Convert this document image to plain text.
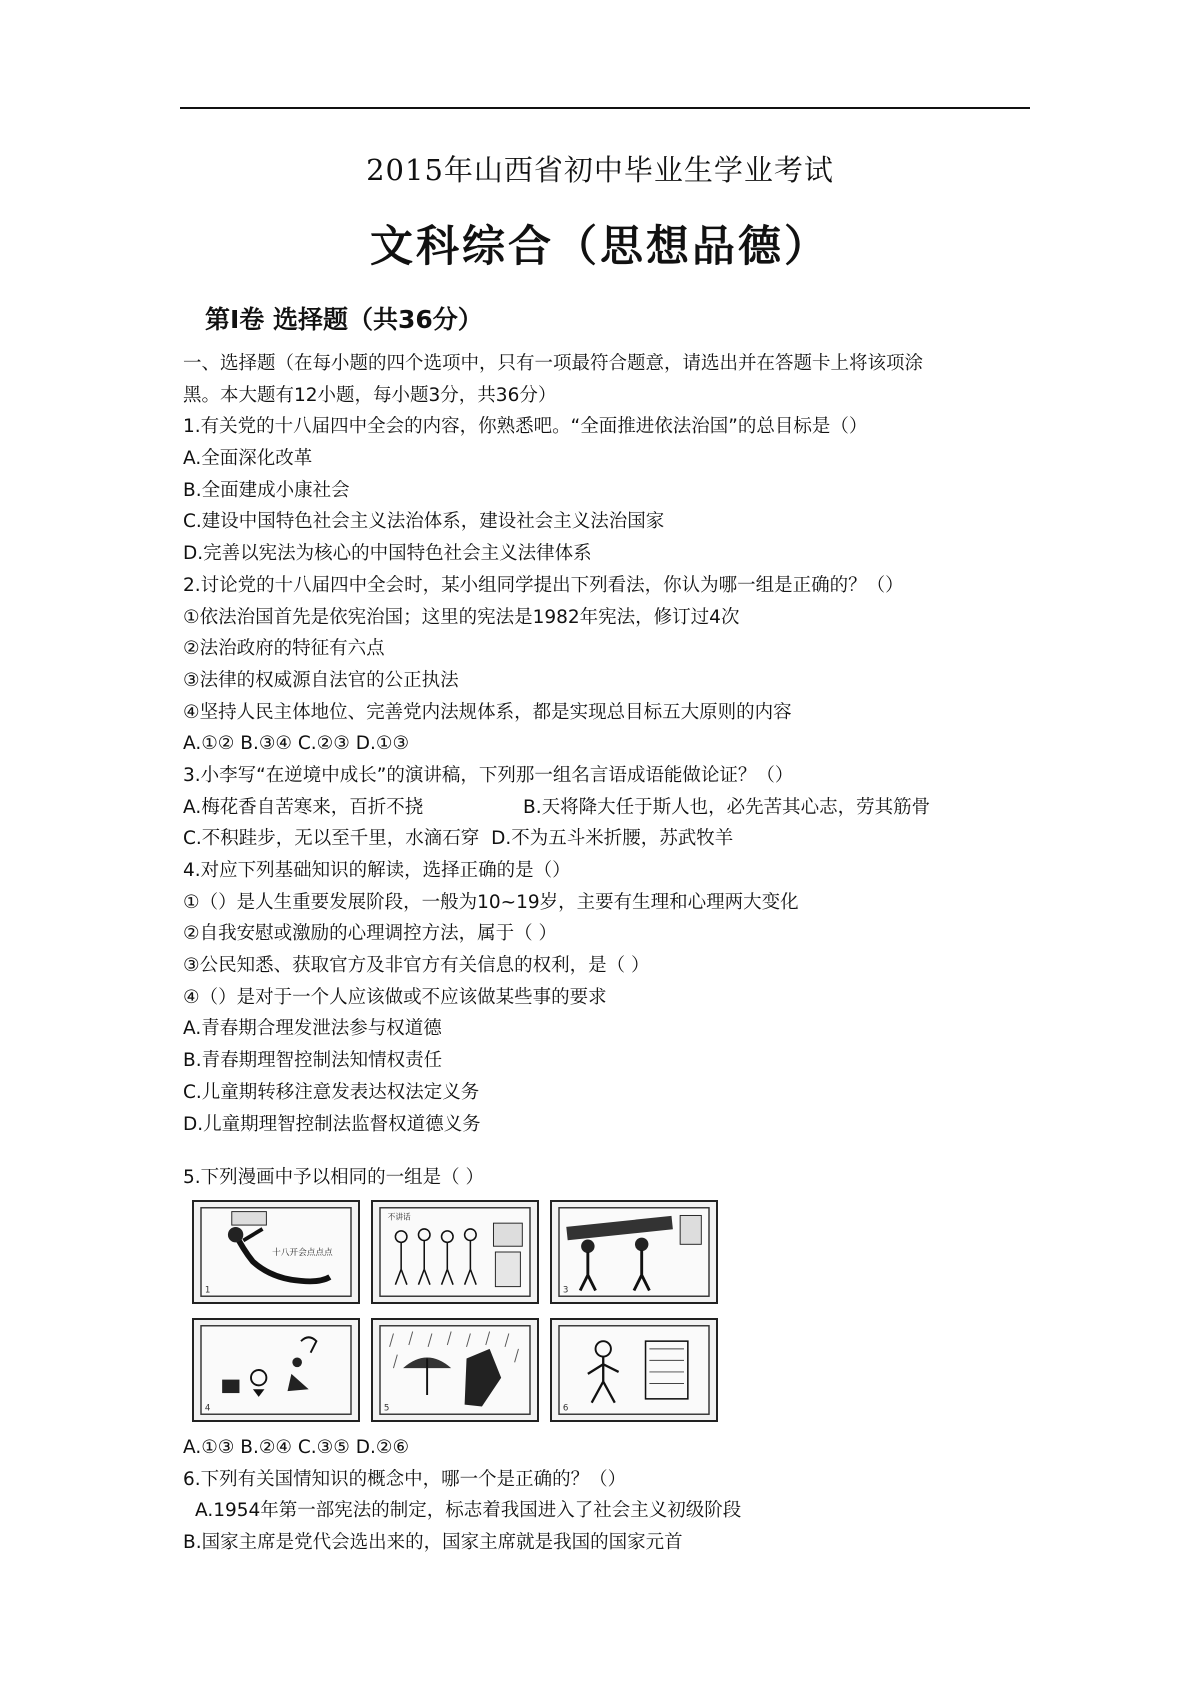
2015年山西省初中毕业生学业考试
文科综合（思想品德）
第Ⅰ卷 选择题（共36分）
一、选择题（在每小题的四个选项中，只有一项最符合题意，请选出并在答题卡上将该项涂
黑。本大题有12小题，每小题3分，共36分）
1.有关党的十八届四中全会的内容，你熟悉吧。“全面推进依法治国”的总目标是（）
A.全面深化改革
B.全面建成小康社会
C.建设中国特色社会主义法治体系，建设社会主义法治国家
D.完善以宪法为核心的中国特色社会主义法律体系
2.讨论党的十八届四中全会时，某小组同学提出下列看法，你认为哪一组是正确的？（）
①依法治国首先是依宪治国；这里的宪法是1982年宪法，修订过4次
②法治政府的特征有六点
③法律的权威源自法官的公正执法
④坚持人民主体地位、完善党内法规体系，都是实现总目标五大原则的内容
A.①② B.③④ C.②③ D.①③
3.小李写“在逆境中成长”的演讲稿，下列那一组名言语成语能做论证？（）
A.梅花香自苦寒来，百折不挠	B.天将降大任于斯人也，必先苦其心志，劳其筋骨
C.不积跬步，无以至千里，水滴石穿 D.不为五斗米折腰，苏武牧羊
4.对应下列基础知识的解读，选择正确的是（）
①（）是人生重要发展阶段，一般为10~19岁，主要有生理和心理两大变化
②自我安慰或激励的心理调控方法，属于（ ）
③公民知悉、获取官方及非官方有关信息的权利，是（ ）
④（）是对于一个人应该做或不应该做某些事的要求
A.青春期合理发泄法参与权道德
B.青春期理智控制法知情权责任
C.儿童期转移注意发表达权法定义务
D.儿童期理智控制法监督权道德义务
5.下列漫画中予以相同的一组是（ ）
十八开会点点点
1
不讲话
3
4	5	6
A.①③ B.②④ C.③⑤ D.②⑥
6.下列有关国情知识的概念中，哪一个是正确的？（）
A.1954年第一部宪法的制定，标志着我国进入了社会主义初级阶段
B.国家主席是党代会选出来的，国家主席就是我国的国家元首
